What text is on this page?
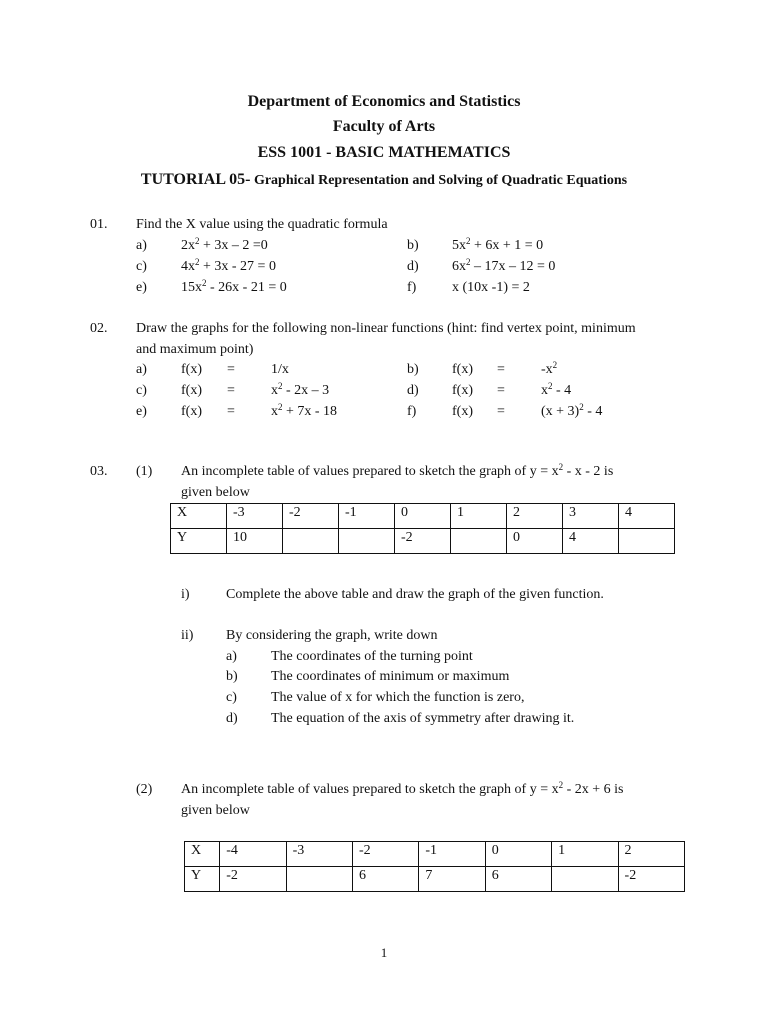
Department of Economics and Statistics
Faculty of Arts
ESS 1001 - BASIC MATHEMATICS
TUTORIAL 05- Graphical Representation and Solving of Quadratic Equations
01. Find the X value using the quadratic formula
a) $2x^2 + 3x - 2 =0$	b) $5x^2 + 6x + 1 = 0$
c) $4x^2 + 3x - 27 = 0$	d) $6x^2 - 17x - 12 = 0$
e) $15x^2 - 26x - 21 = 0$	f)	x (10x -1) = 2
02. Draw the graphs for the following non-linear functions (hint: find vertex point, minimum
and maximum point)
a) f(x) =	1/x	b) f(x) =	$-x^2$
c) f(x) =	$x^2 - 2x - 3$	d) f(x) =	$x^2 - 4$
e) f(x) =	$x^2 + 7x - 18$	f)	f(x) =	$(x + 3)^2 - 4$
03. (1) An incomplete table of values prepared to sketch the graph of $y = x^2 - x - 2$ is
given below
X	-3	-2	-1	0	1	2	3	4
Y	10			-2		0	4	
i)	Complete the above table and draw the graph of the given function.
ii) By considering the graph, write down
a) The coordinates of the turning point
b) The coordinates of minimum or maximum
c) The value of x for which the function is zero,
d) The equation of the axis of symmetry after drawing it.
(2) An incomplete table of values prepared to sketch the graph of $y = x^2 - 2x + 6$ is
given below
X	-4	-3	-2	-1	0	1	2
Y	-2		6	7	6		-2
1
